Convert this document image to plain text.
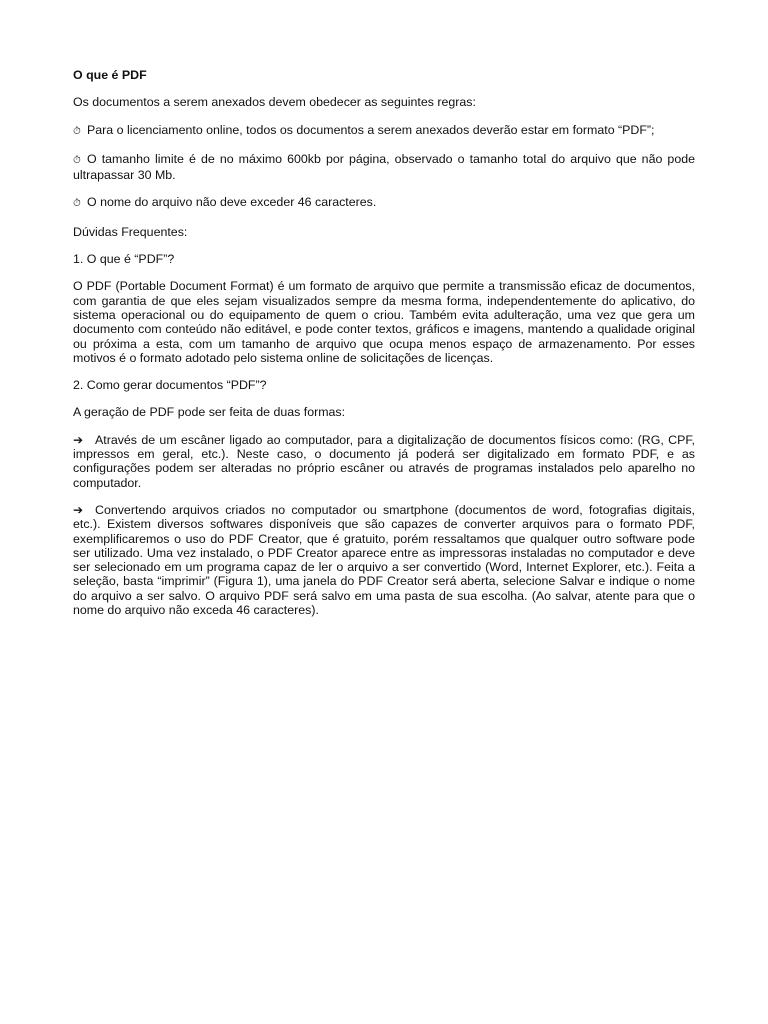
O que é PDF

Os documentos a serem anexados devem obedecer as seguintes regras:

⏱ Para o licenciamento online, todos os documentos a serem anexados deverão estar em formato “PDF”;

⏱ O tamanho limite é de no máximo 600kb por página, observado o tamanho total do arquivo que não pode ultrapassar 30 Mb.

⏱ O nome do arquivo não deve exceder 46 caracteres.

Dúvidas Frequentes:

1. O que é “PDF”?

O PDF (Portable Document Format) é um formato de arquivo que permite a transmissão eficaz de documentos, com garantia de que eles sejam visualizados sempre da mesma forma, independentemente do aplicativo, do sistema operacional ou do equipamento de quem o criou. Também evita adulteração, uma vez que gera um documento com conteúdo não editável, e pode conter textos, gráficos e imagens, mantendo a qualidade original ou próxima a esta, com um tamanho de arquivo que ocupa menos espaço de armazenamento. Por esses motivos é o formato adotado pelo sistema online de solicitações de licenças.

2. Como gerar documentos “PDF”?

A geração de PDF pode ser feita de duas formas:

➔ Através de um escâner ligado ao computador, para a digitalização de documentos físicos como: (RG, CPF, impressos em geral, etc.). Neste caso, o documento já poderá ser digitalizado em formato PDF, e as configurações podem ser alteradas no próprio escâner ou através de programas instalados pelo aparelho no computador.

➔ Convertendo arquivos criados no computador ou smartphone (documentos de word, fotografias digitais, etc.). Existem diversos softwares disponíveis que são capazes de converter arquivos para o formato PDF, exemplificaremos o uso do PDF Creator, que é gratuito, porém ressaltamos que qualquer outro software pode ser utilizado. Uma vez instalado, o PDF Creator aparece entre as impressoras instaladas no computador e deve ser selecionado em um programa capaz de ler o arquivo a ser convertido (Word, Internet Explorer, etc.). Feita a seleção, basta “imprimir” (Figura 1), uma janela do PDF Creator será aberta, selecione Salvar e indique o nome do arquivo a ser salvo. O arquivo PDF será salvo em uma pasta de sua escolha. (Ao salvar, atente para que o nome do arquivo não exceda 46 caracteres).
